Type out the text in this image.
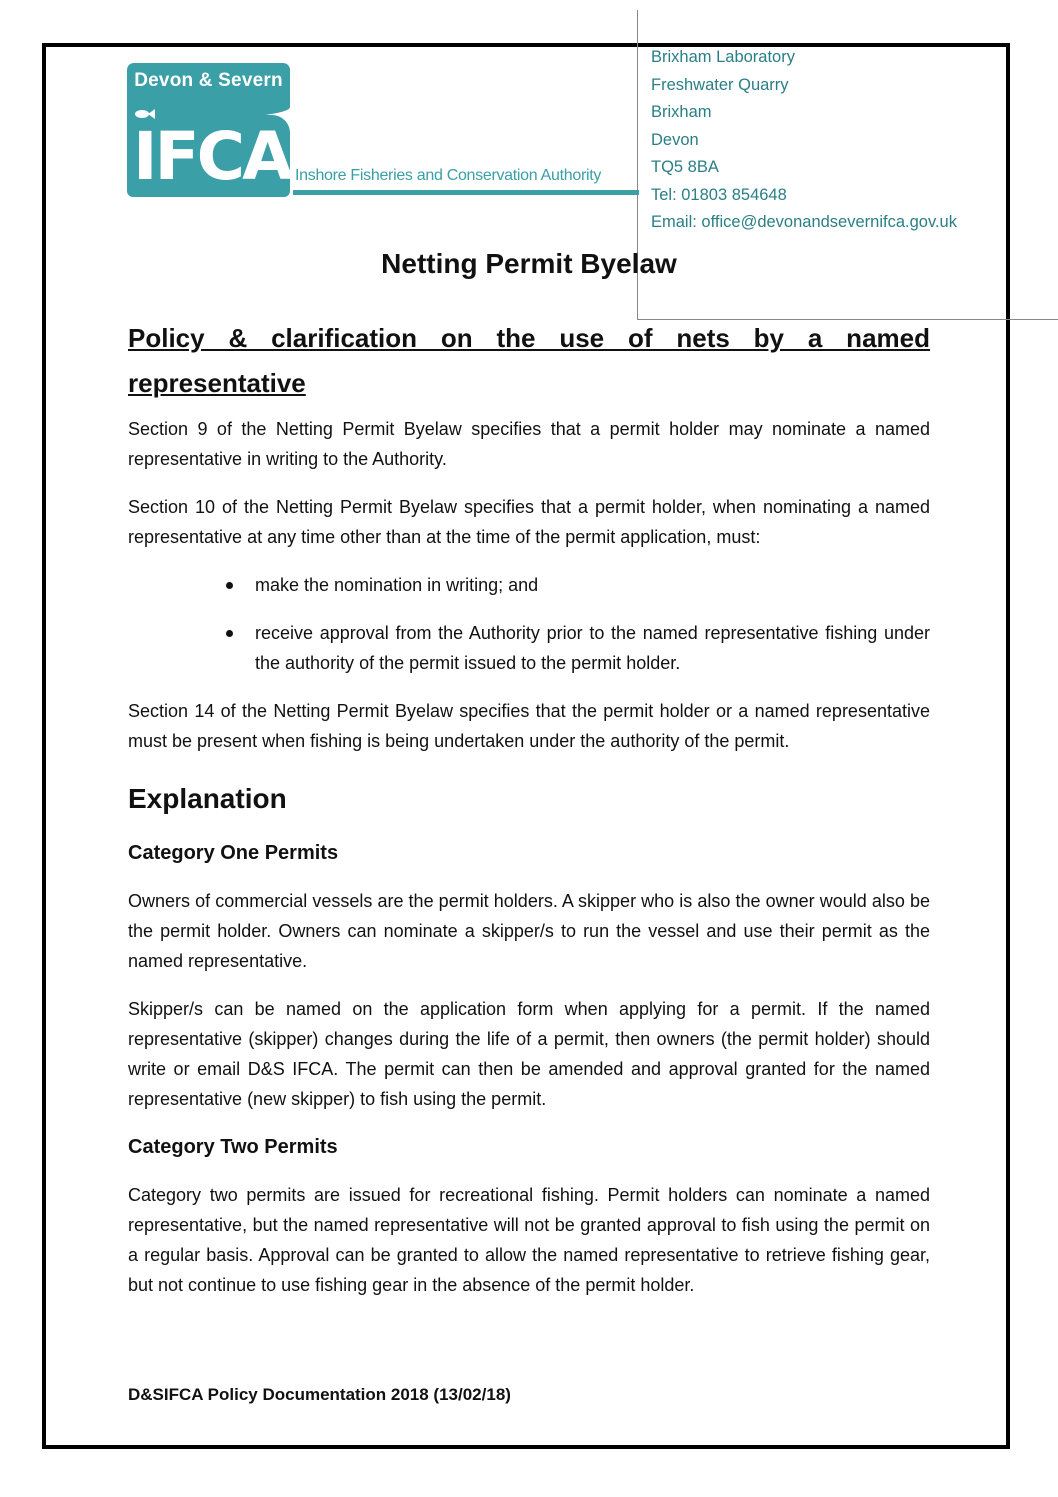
Devon & Severn
IFCA Inshore Fisheries and Conservation Authority
Brixham Laboratory
Freshwater Quarry
Brixham
Devon
TQ5 8BA
Tel: 01803 854648
Email: office@devonandsevernifca.gov.uk
Netting Permit Byelaw
Policy & clarification on the use of nets by a named
representative

Section 9 of the Netting Permit Byelaw specifies that a permit holder may nominate a named representative in writing to the Authority.

Section 10 of the Netting Permit Byelaw specifies that a permit holder, when nominating a named representative at any time other than at the time of the permit application, must:

make the nomination in writing; and
receive approval from the Authority prior to the named representative fishing under the authority of the permit issued to the permit holder.

Section 14 of the Netting Permit Byelaw specifies that the permit holder or a named representative must be present when fishing is being undertaken under the authority of the permit.

Explanation
Category One Permits

Owners of commercial vessels are the permit holders. A skipper who is also the owner would also be the permit holder. Owners can nominate a skipper/s to run the vessel and use their permit as the named representative.

Skipper/s can be named on the application form when applying for a permit. If the named representative (skipper) changes during the life of a permit, then owners (the permit holder) should write or email D&S IFCA. The permit can then be amended and approval granted for the named representative (new skipper) to fish using the permit.

Category Two Permits

Category two permits are issued for recreational fishing. Permit holders can nominate a named representative, but the named representative will not be granted approval to fish using the permit on a regular basis. Approval can be granted to allow the named representative to retrieve fishing gear, but not continue to use fishing gear in the absence of the permit holder.

D&SIFCA Policy Documentation 2018 (13/02/18)
